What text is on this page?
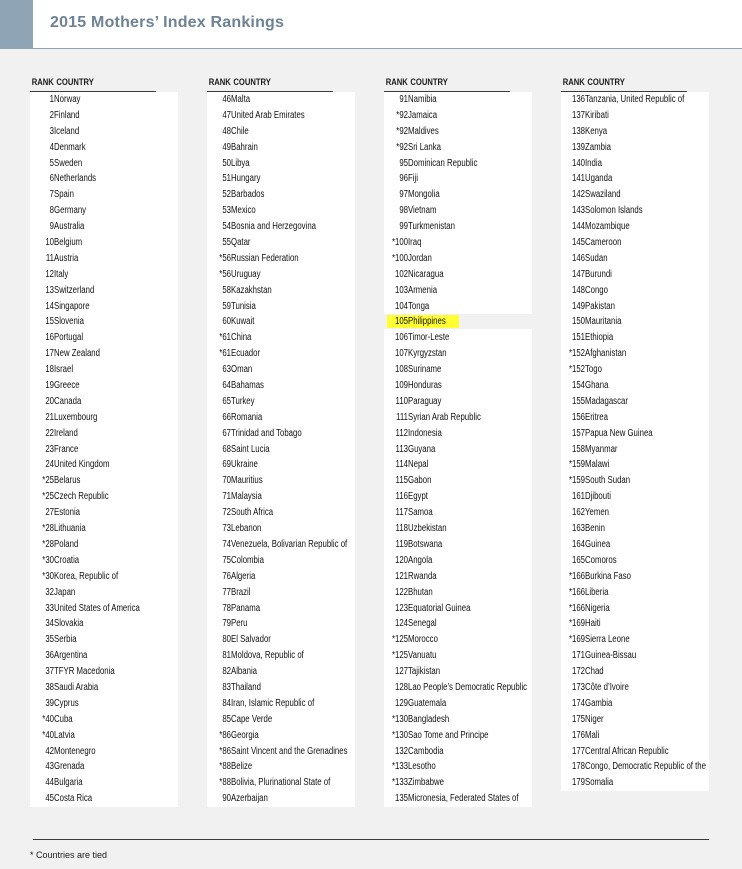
2015 Mothers’ Index Rankings
RANK COUNTRY
1 Norway
2 Finland
3 Iceland
4 Denmark
5 Sweden
6 Netherlands
7 Spain
8 Germany
9 Australia
10 Belgium
11 Austria
12 Italy
13 Switzerland
14 Singapore
15 Slovenia
16 Portugal
17 New Zealand
18 Israel
19 Greece
20 Canada
21 Luxembourg
22 Ireland
23 France
24 United Kingdom
*25 Belarus
*25 Czech Republic
27 Estonia
*28 Lithuania
*28 Poland
*30 Croatia
*30 Korea, Republic of
32 Japan
33 United States of America
34 Slovakia
35 Serbia
36 Argentina
37 TFYR Macedonia
38 Saudi Arabia
39 Cyprus
*40 Cuba
*40 Latvia
42 Montenegro
43 Grenada
44 Bulgaria
45 Costa Rica
RANK COUNTRY
46 Malta
47 United Arab Emirates
48 Chile
49 Bahrain
50 Libya
51 Hungary
52 Barbados
53 Mexico
54 Bosnia and Herzegovina
55 Qatar
*56 Russian Federation
*56 Uruguay
58 Kazakhstan
59 Tunisia
60 Kuwait
*61 China
*61 Ecuador
63 Oman
64 Bahamas
65 Turkey
66 Romania
67 Trinidad and Tobago
68 Saint Lucia
69 Ukraine
70 Mauritius
71 Malaysia
72 South Africa
73 Lebanon
74 Venezuela, Bolivarian Republic of
75 Colombia
76 Algeria
77 Brazil
78 Panama
79 Peru
80 El Salvador
81 Moldova, Republic of
82 Albania
83 Thailand
84 Iran, Islamic Republic of
85 Cape Verde
*86 Georgia
*86 Saint Vincent and the Grenadines
*88 Belize
*88 Bolivia, Plurinational State of
90 Azerbaijan
RANK COUNTRY
91 Namibia
*92 Jamaica
*92 Maldives
*92 Sri Lanka
95 Dominican Republic
96 Fiji
97 Mongolia
98 Vietnam
99 Turkmenistan
*100 Iraq
*100 Jordan
102 Nicaragua
103 Armenia
104 Tonga
105 Philippines
106 Timor-Leste
107 Kyrgyzstan
108 Suriname
109 Honduras
110 Paraguay
111 Syrian Arab Republic
112 Indonesia
113 Guyana
114 Nepal
115 Gabon
116 Egypt
117 Samoa
118 Uzbekistan
119 Botswana
120 Angola
121 Rwanda
122 Bhutan
123 Equatorial Guinea
124 Senegal
*125 Morocco
*125 Vanuatu
127 Tajikistan
128 Lao People’s Democratic Republic
129 Guatemala
*130 Bangladesh
*130 Sao Tome and Principe
132 Cambodia
*133 Lesotho
*133 Zimbabwe
135 Micronesia, Federated States of
RANK COUNTRY
136 Tanzania, United Republic of
137 Kiribati
138 Kenya
139 Zambia
140 India
141 Uganda
142 Swaziland
143 Solomon Islands
144 Mozambique
145 Cameroon
146 Sudan
147 Burundi
148 Congo
149 Pakistan
150 Mauritania
151 Ethiopia
*152 Afghanistan
*152 Togo
154 Ghana
155 Madagascar
156 Eritrea
157 Papua New Guinea
158 Myanmar
*159 Malawi
*159 South Sudan
161 Djibouti
162 Yemen
163 Benin
164 Guinea
165 Comoros
*166 Burkina Faso
*166 Liberia
*166 Nigeria
*169 Haiti
*169 Sierra Leone
171 Guinea-Bissau
172 Chad
173 Côte d’Ivoire
174 Gambia
175 Niger
176 Mali
177 Central African Republic
178 Congo, Democratic Republic of the
179 Somalia
* Countries are tied
